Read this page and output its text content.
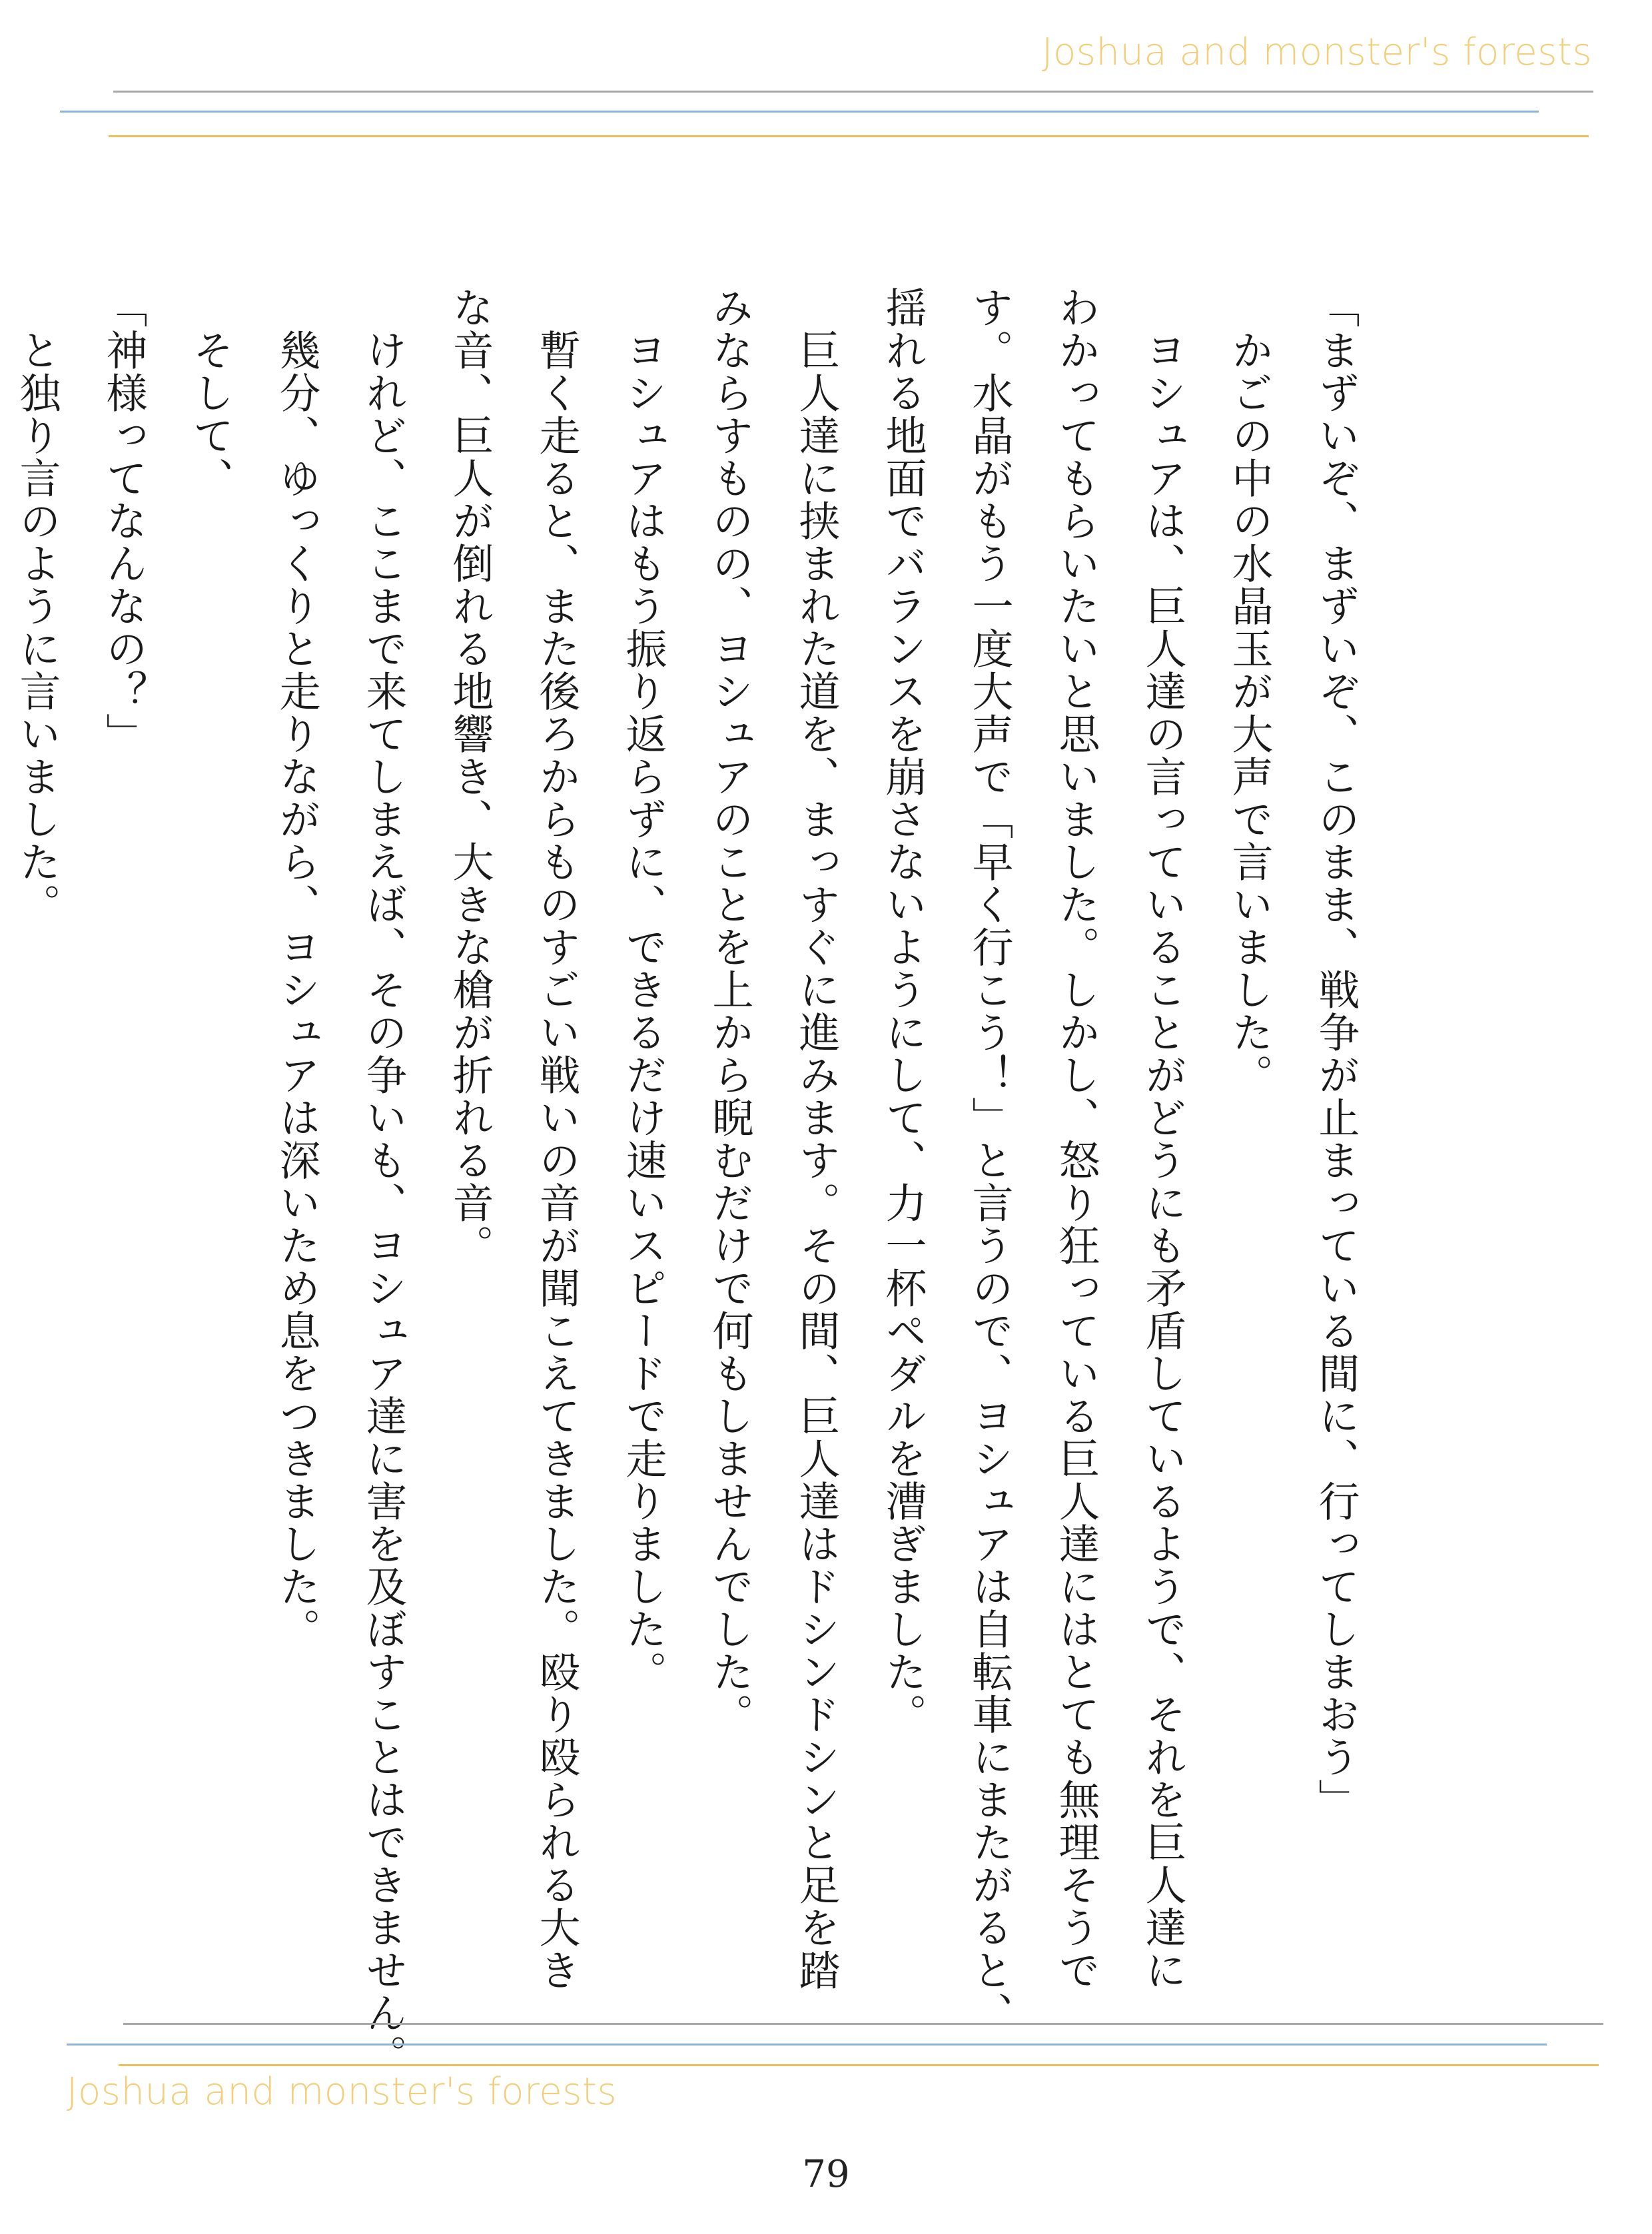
Joshua and monster's forests

「まずいぞ、まずいぞ、このまま、戦争が止まっている間に、行ってしまおう」

　かごの中の水晶玉が大声で言いました。

　ヨシュアは、巨人達の言っていることがどうにも矛盾しているようで、それを巨人達に

わかってもらいたいと思いました。しかし、怒り狂っている巨人達にはとても無理そうで

す。水晶がもう一度大声で「早く行こう！」と言うので、ヨシュアは自転車にまたがると、

揺れる地面でバランスを崩さないようにして、力一杯ペダルを漕ぎました。

　巨人達に挟まれた道を、まっすぐに進みます。その間、巨人達はドシンドシンと足を踏

みならすものの、ヨシュアのことを上から睨むだけで何もしませんでした。

　ヨシュアはもう振り返らずに、できるだけ速いスピードで走りました。

　暫く走ると、また後ろからものすごい戦いの音が聞こえてきました。殴り殴られる大き

な音、巨人が倒れる地響き、大きな槍が折れる音。

　けれど、ここまで来てしまえば、その争いも、ヨシュア達に害を及ぼすことはできません。

　幾分、ゆっくりと走りながら、ヨシュアは深いため息をつきました。

　そして、

「神様ってなんなの？」

　と独り言のように言いました。

Joshua and monster's forests
79
